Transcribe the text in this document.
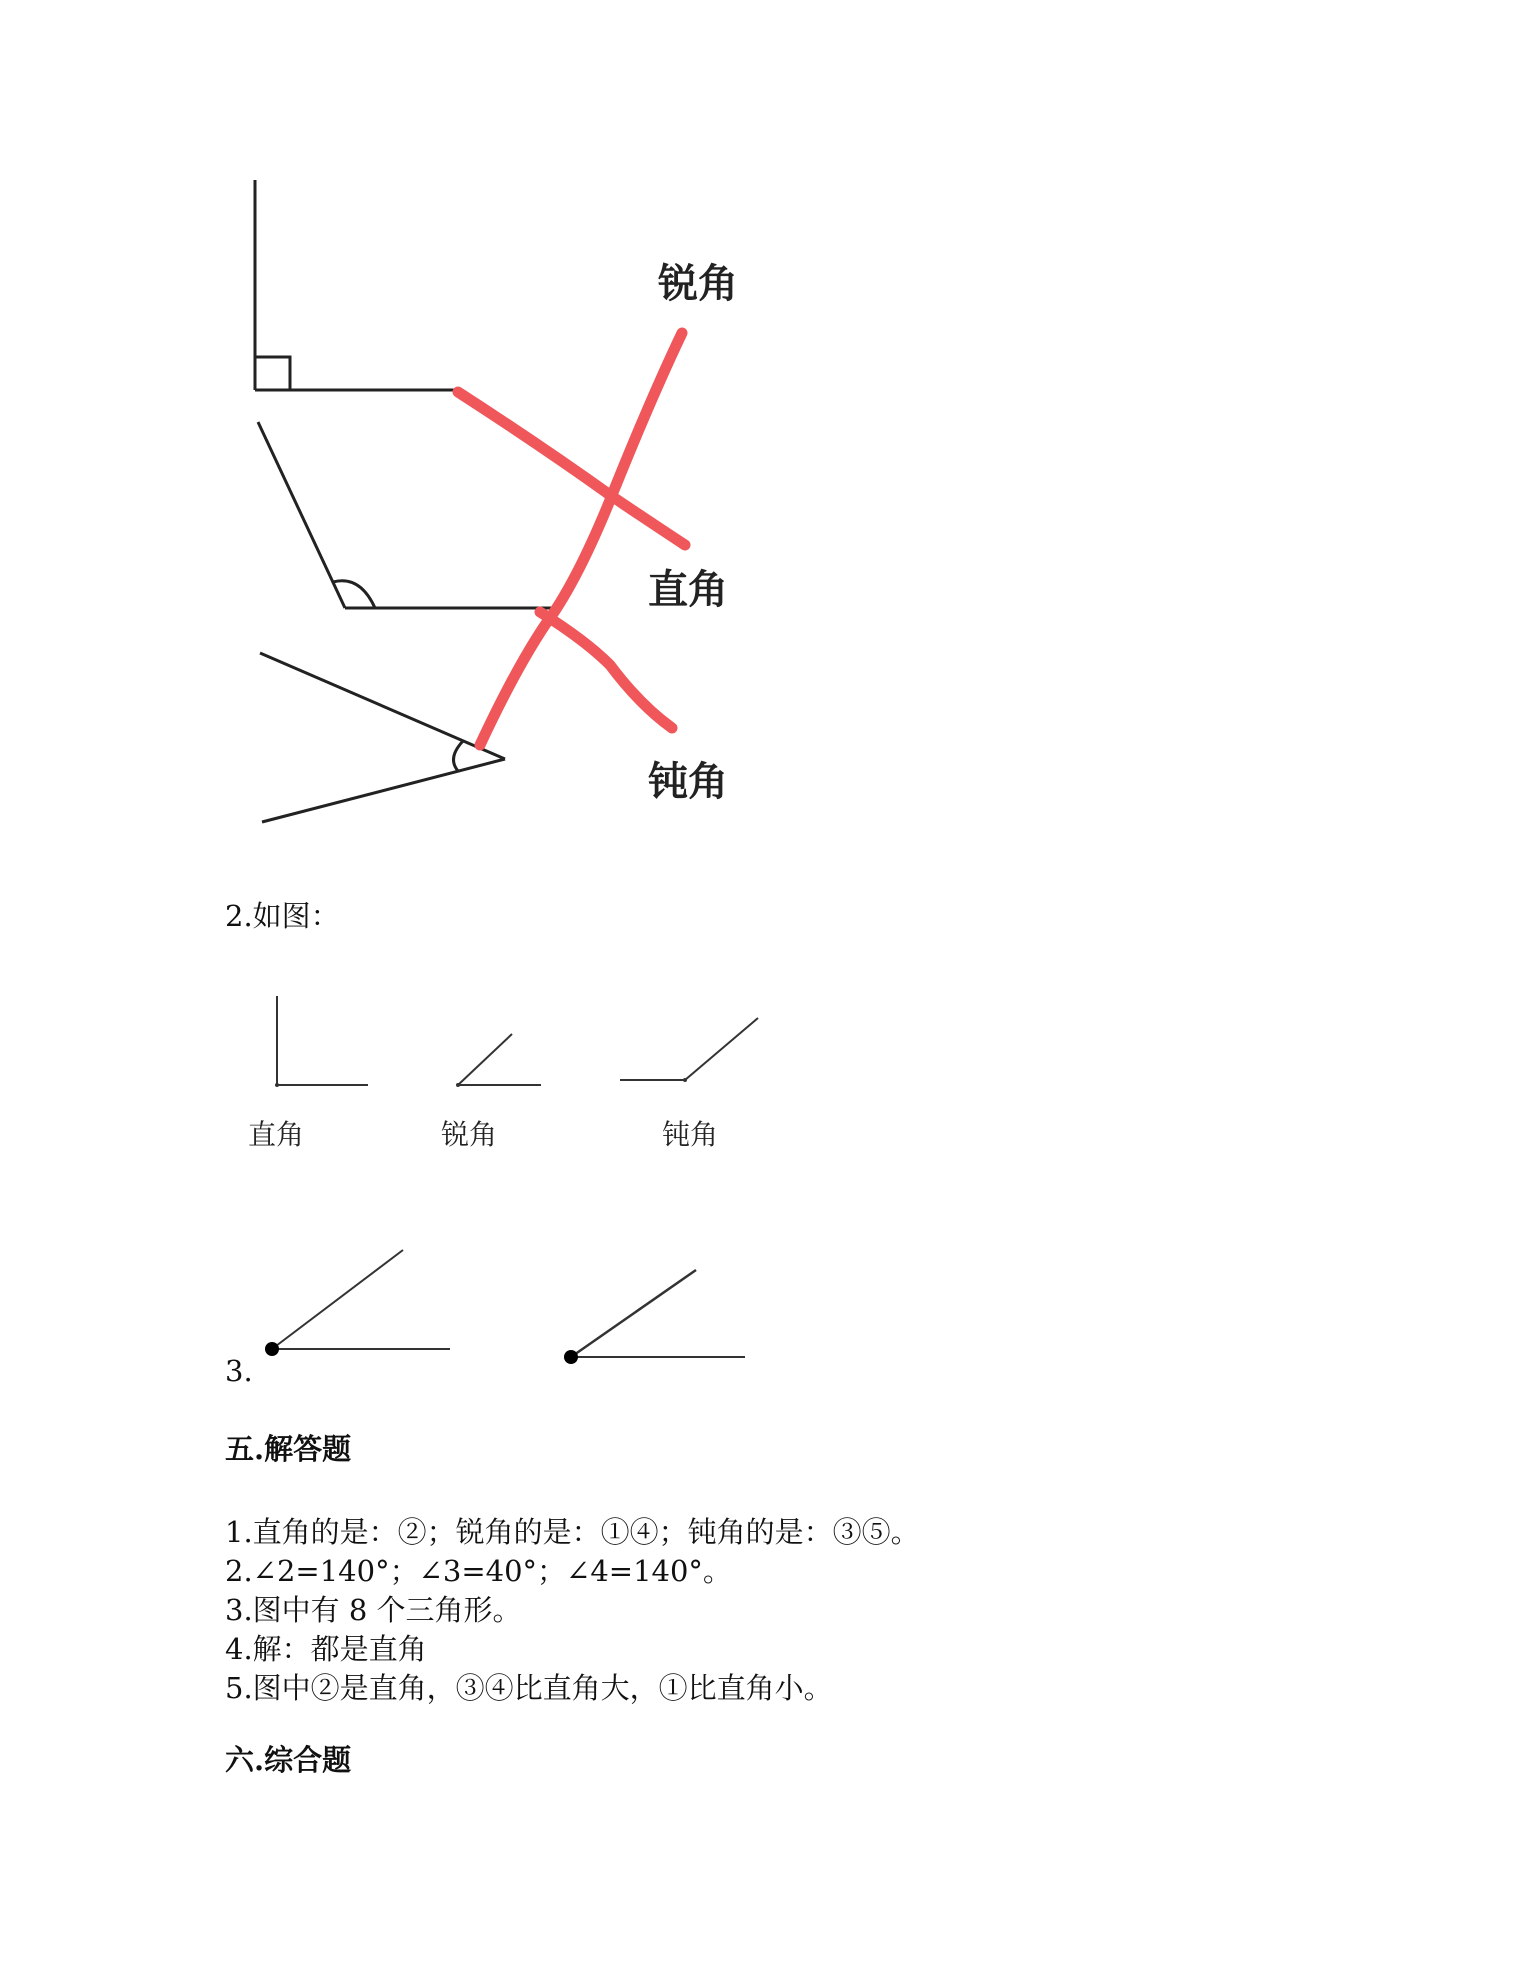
锐角
直角
钝角
2.如图：
直角	锐角	钝角
3.
五.解答题
1.直角的是：②；锐角的是：①④；钝角的是：③⑤。
2.∠2=140°；∠3=40°；∠4=140°。
3.图中有 8 个三角形。
4.解：都是直角
5.图中②是直角，③④比直角大，①比直角小。
六.综合题
